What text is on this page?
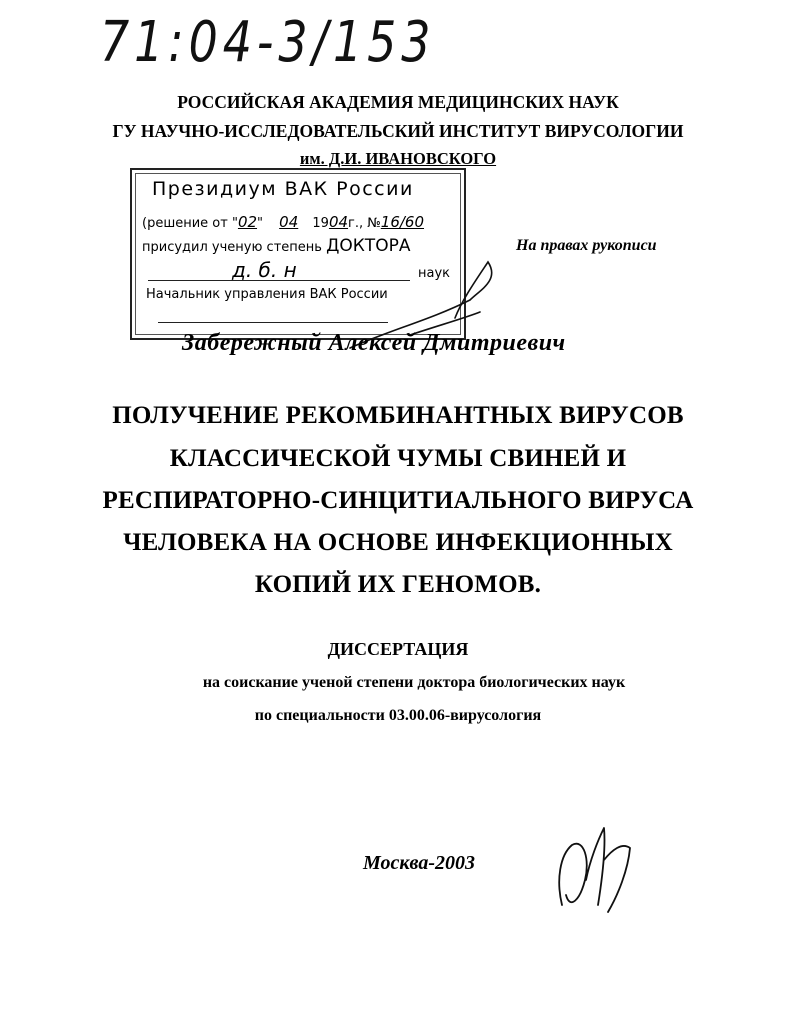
71:04-3/153
РОССИЙСКАЯ АКАДЕМИЯ МЕДИЦИНСКИХ НАУК
ГУ НАУЧНО-ИССЛЕДОВАТЕЛЬСКИЙ ИНСТИТУТ ВИРУСОЛОГИИ
им. Д.И. ИВАНОВСКОГО
Президиум ВАК России
(решение от "02" 04 1904г., №16/60
присудил ученую степень ДОКТОРА
д. б. н	наук
Начальник управления ВАК России
На правах рукописи
Забережный Алексей Дмитриевич
ПОЛУЧЕНИЕ РЕКОМБИНАНТНЫХ ВИРУСОВ
КЛАССИЧЕСКОЙ ЧУМЫ СВИНЕЙ И
РЕСПИРАТОРНО-СИНЦИТИАЛЬНОГО ВИРУСА
ЧЕЛОВЕКА НА ОСНОВЕ ИНФЕКЦИОННЫХ
КОПИЙ ИХ ГЕНОМОВ.
ДИССЕРТАЦИЯ
на соискание ученой степени доктора биологических наук
по специальности 03.00.06-вирусология
Москва-2003
